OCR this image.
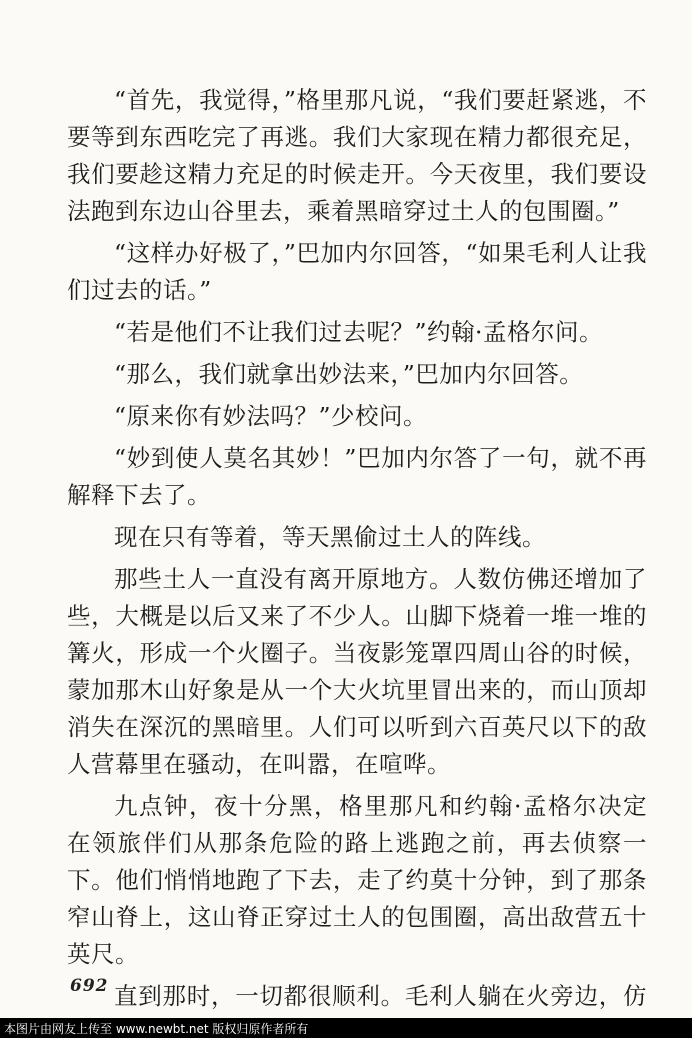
“首先，我觉得，”格里那凡说，“我们要赶紧逃，不要等到东西吃完了再逃。我们大家现在精力都很充足，我们要趁这精力充足的时候走开。今天夜里，我们要设法跑到东边山谷里去，乘着黑暗穿过土人的包围圈。”

“这样办好极了，”巴加内尔回答，“如果毛利人让我们过去的话。”

“若是他们不让我们过去呢？”约翰·孟格尔问。

“那么，我们就拿出妙法来，”巴加内尔回答。

“原来你有妙法吗？”少校问。

“妙到使人莫名其妙！”巴加内尔答了一句，就不再解释下去了。

现在只有等着，等天黑偷过土人的阵线。

那些土人一直没有离开原地方。人数仿佛还增加了些，大概是以后又来了不少人。山脚下烧着一堆一堆的篝火，形成一个火圈子。当夜影笼罩四周山谷的时候，蒙加那木山好象是从一个大火坑里冒出来的，而山顶却消失在深沉的黑暗里。人们可以听到六百英尺以下的敌人营幕里在骚动，在叫嚣，在喧哗。

九点钟，夜十分黑，格里那凡和约翰·孟格尔决定在领旅伴们从那条危险的路上逃跑之前，再去侦察一下。他们悄悄地跑了下去，走了约莫十分钟，到了那条窄山脊上，这山脊正穿过土人的包围圈，高出敌营五十英尺。

直到那时，一切都很顺利。毛利人躺在火旁边，仿

692
本图片由网友上传至 www.newbt.net 版权归原作者所有
